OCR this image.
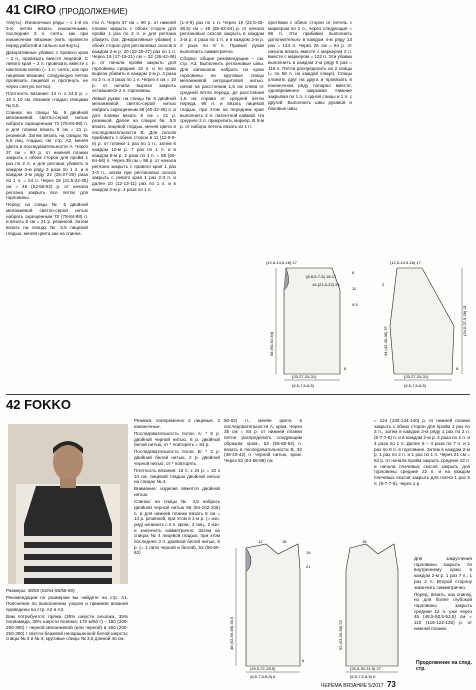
41 CIRO (ПРОДОЛЖЕНИЕ)

тянуть). Изнаночные ряды – с 1-й по 3-ю петли вязать изнаночными, последние 3 п. снять, как при изнаночном вязании (нить провести перед работой и сильно натянуть).

Декоративные убавки: с правого края – 2 п., провязать вместе лицевой. С левого края – 2 п. провязать вместе с наклоном влево (= 1 п. снять, как при лицевом вязании, следующую петлю провязать лицевой и протянуть ее через снятую петлю).

Плотность вязания: 14 п. x 24,5 р. = 10 x 10 см, вязание гладью спицами № 5,5.

Спинка: на спицы № 5 двойной меланжевой светло-серой нитью набрать скрещенным 72 (78-84-88) п. и для планки вязать 8 см = 21 р. резинкой. Затем вязать на спицах № 5,5 лиц. гладью, см. стр. А2, меняя цвета в последовательности А. Через 37 см = 90 р. от нижней планки закрыть с обеих сторон для пройм 1 раз по 2 п. и для реглана убавить в каждом 4-м ряду 3 раза по 1 п. и в каждом 2-м ряду 22 (25-27-30) раза по 1 п. = 24 п. Через 19 (21,5-22-25) см = 46 (52-56-62) р. от начала реглана закрыть все петли для горловины.

Перед: на спицы № 5 двойной меланжевой светло-серой нитью набрать скрещенным 72 (78-84-88) п. и вязать 8 см = 21 р. резинкой. Затем вязать на спицах № 5,5 лицевой гладью, меняя цвета как на спинке.

сти А. Через 37 см = 90 р. от нижней планки закрыть с обеих сторон для пройм 1 раз по 2 п. и для реглана убавить (см. Декоративные убавки) с обеих сторон для реглановых скосов в каждом 2-м р. 20 (22-25-27) раз по 1 п. Через 15 (17-19-21) см = 32 (36-42-46) р. от начала пройм закрыть для горловины средние 16 п. и по краю выреза убавить в каждом 2-м р. 2 раза по 2 п. и 3 раза по 1 п. Через 4 см = 10 р. от начала выреза закрыть оставшиеся 2 п. горловины.

Левый рукав: на спицы № 5 двойной меланжевой светло-серой нитью набрать скрещенным 38 (40-42-46) п. и для планки вязать 8 см = 21 р. резинкой. Далее на спицах № 5,5 вязать лицевой гладью, меняя цвета в последовательности В. Для скосов прибавить с обеих сторон в 11 (11-9-9-я) р. от планки 1 раз по 1 п., затем в каждом 10-м р. 7 раз по 1 п. и в каждом 8-м р. 2 раза по 1 п. = 58 (60-64-66) п. Через 39 см = 96 р. от начала реглана закрыть с правого края 1 раз 2-3 п., затем при реглановых скосах закрыть с левого края 1 раз 2-3 п. и далее 10 (12-13-11) раз по 1 п. и в каждом 2-м р. 4 раза по 1 п.

(1-4-9) раз по 1 п. Через 19 (22,5-25-26,5) см = 46 (56-62-64) р. от начала реглановых скосов закрыть в каждом 2-м р. 4 раза по 1 п. и в каждом 2-м р. 2 раза по 8 п. Правый рукав выполнить симметрично.

Сборка: общие рекомендации – см. стр. А3. Выполнить реглановые швы. Для капюшона набрать по краю горловины на круговые спицы меланжевой антрацитовой нитью, начав на расстоянии 1,5 см слева от средней петли переда, до расстояния 1,5 см справа от средней петли переда, 96 п. и вязать лицевой гладью, при этом на переднем крае выполнить 3 п. патентной каймой. На среднее 2 п. прикрепить маркер. В 5-м р. от набора петель вязать из 1 п.

протяжки с обеих сторон от петель с маркером по 1 п., через следующие = 98 п. Эти прибавки выполнить дополнительно в каждом 4-м ряду 13 раз = 124 п. Через 26 см = 64 р. от начала вязать вместе с маркером 2 п. вместе с маркером = 122 п. Эти убавки выполнить в каждом 2-м ряду 5 раз = 116 п. Петли распределить на 2 спицы (= по 58 п. на каждой спице). Спицы уложить друг на друга и провязать в изнаночном ряду попарно вместе, одновременно закрывая. Нижние закрывая по 1 п. с одной спицы и 1 п. с другой. Выполнить швы рукавов и боковые швы.

(12,5-14,5-16) 17
(8-8,5-7-6) 18-17
19-(21,5-22) 25
6
11
9,5
(12,5-14,5-16) 17
(24,5-27,5-28) 31
2
44 (42-40-38) 37
58 (60-62-64)
(25-27-29-31)
(6,5-7,5-8,5)
(25-27-29-31)
(6,5-7,5-8,5)
8	8
42 FOKKO

Размеры: 48/50 (52/54-56/58-60)

Рекомендации по размерам вы найдете на стр. А1. Пояснения по выполнению узоров и приемов вязания приведены на стр. А2 и А3.

Вам потребуется: пряжа (35% шерсти альпака, 35% полиамида, 30% шерсти ягненка; 175 м/50 г) – 150 (200-250-300) г черной меланжевой (или черной) и 150 (200-250-300) г светло-бежевой неокрашенной белой шерсти; спицы № 3 и № 4; круговые спицы № 3,5 длиной 40 см.

Резинка: попеременно 2 лицевые, 2 изнаночные.

Последовательность полос А: * 6 р. двойной черной нитью, 6 р. двойной белой нитью, от * повторять = 84 р.

Последовательность полос В: * 2 р. двойной белой нитью, 2 р. двойной черной нитью, от * повторять.

Плотность вязания: 16 п. x 24 р. = 10 x 10 см, лицевой гладью двойной нитью на спицах № 4.

Внимание: изделие вяжется двойной нитью.

Спинка: на спицы № 3,5 набрать двойной черной нитью 86 (94-102-106) п. и для нижней планки вязать 6 см = 14 р. резинкой, при этом в 1-м р. (= изн. ряд) начинать с 2 п. кром., 2 лиц., 2 изн. и закончить симметрично. Затем на спицах № 4 лицевой гладью, при этом последнее 3 п. двойной белой нитью, 6 р. (= 1 нити черной и белой), 52 (56-60-62)

60-62) п., меняя цвета в последовательности А, кром. Через 35 см = 84 р. от нижней планки петли распределить следующим образом: кром., 52 (56-60-64) п. вязать в последовательности В, 32 (36-40-42) п. черной нитью, кром. Через 52 (54-56-58) см

= 124 (130-134-140) р. от нижней планки закрыть с обеих сторон для пройм 1 раз по 3 п., затем в каждом 2-м ряду 1 раз по 2 п. (6-7-7-8) п. и в каждом 2-м р. 4 раза по 2 п. и 4 раза по 1 п. Далее 6 – 4 раза по 7 п. и 1 раз по 8 п. в горловине. Затем в каждом 2-м р. 1 раз по 2 п. и 1 раз по 1 п. Через 21 см = 52 р. от начала пройм закрыть средние 22 п. и начала плечевых скосов закрыть для горловины средние 22 п. и на каждом плечевых скосов закрыть для плеча 1 раз 5 п. (6-7-7-8), через 1 р.

Для закругления горловины закрыть по внутреннему краю в каждом 2-м р. 1 раз 7 п., 1 раз 2 п. Второй сторону закончить симметрично.

Перед: вязать, как спинку, но для более глубокой горловины закрыть средние 12 п. уже через 45 (48,5-50,5-52,5) см = 110 (116-122-126) р. от нижней планки.

12	18	18
19
21
48 (52-56-58) 30,5	52 (54-56-58) 52
6
(25,5-27-28,5)
(6,5-7,5-8,5) 6
(28,5-30-31,5) 27
(6,5-7,5-8,5) 6
Продолжение на след. стр.
ЧЕРЕМА ВЯЗАНИЕ 5/2017 73
